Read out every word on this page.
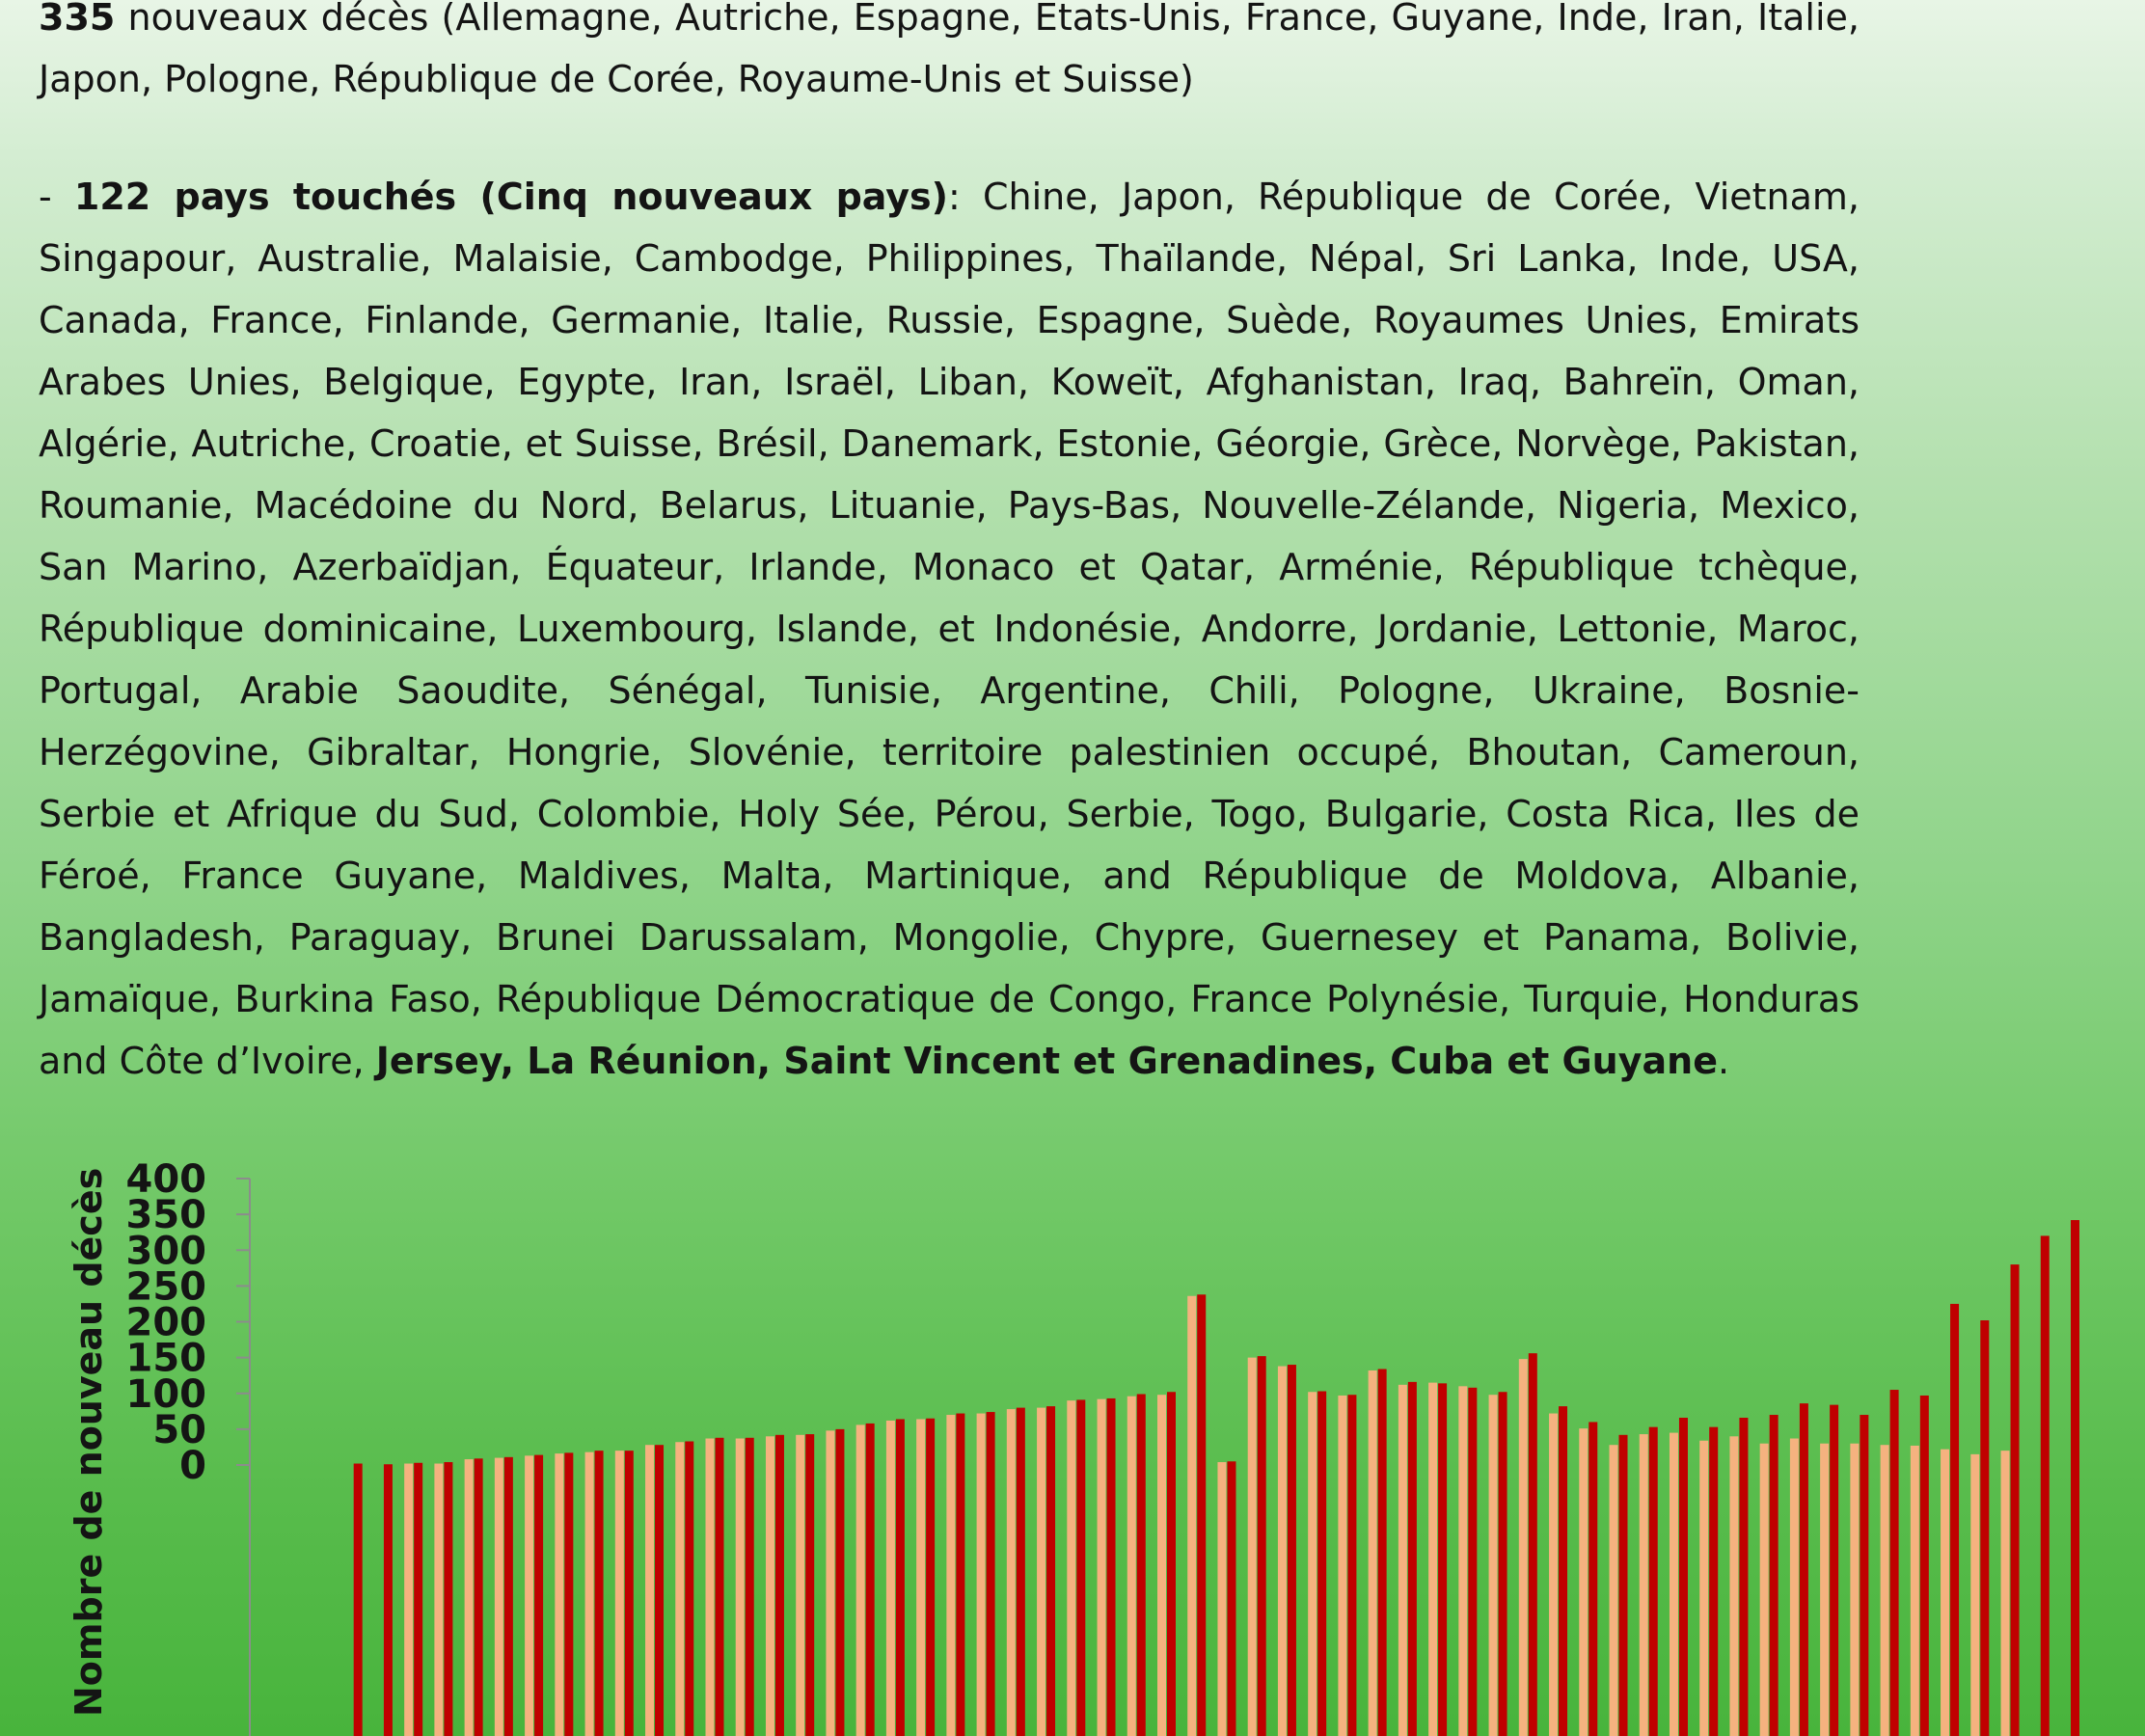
335 nouveaux décès (Allemagne, Autriche, Espagne, Etats-Unis, France, Guyane, Inde, Iran, Italie, Japon, Pologne, République de Corée, Royaume-Unis et Suisse)

- 122 pays touchés (Cinq nouveaux pays): Chine, Japon, République de Corée, Vietnam, Singapour, Australie, Malaisie, Cambodge, Philippines, Thaïlande, Népal, Sri Lanka, Inde, USA, Canada, France, Finlande, Germanie, Italie, Russie, Espagne, Suède, Royaumes Unies, Emirats Arabes Unies, Belgique, Egypte, Iran, Israël, Liban, Koweït, Afghanistan, Iraq, Bahreïn, Oman, Algérie, Autriche, Croatie, et Suisse, Brésil, Danemark, Estonie, Géorgie, Grèce, Norvège, Pakistan, Roumanie, Macédoine du Nord, Belarus, Lituanie, Pays-Bas, Nouvelle-Zélande, Nigeria, Mexico, San Marino, Azerbaïdjan, Équateur, Irlande, Monaco et Qatar, Arménie, République tchèque, République dominicaine, Luxembourg, Islande, et Indonésie, Andorre, Jordanie, Lettonie, Maroc, Portugal, Arabie Saoudite, Sénégal, Tunisie, Argentine, Chili, Pologne, Ukraine, Bosnie-Herzégovine, Gibraltar, Hongrie, Slovénie, territoire palestinien occupé, Bhoutan, Cameroun, Serbie et Afrique du Sud, Colombie, Holy Sée, Pérou, Serbie, Togo, Bulgarie, Costa Rica, Iles de Féroé, France Guyane, Maldives, Malta, Martinique, and République de Moldova, Albanie, Bangladesh, Paraguay, Brunei Darussalam, Mongolie, Chypre, Guernesey et Panama, Bolivie, Jamaïque, Burkina Faso, République Démocratique de Congo, France Polynésie, Turquie, Honduras and Côte d’Ivoire, Jersey, La Réunion, Saint Vincent et Grenadines, Cuba et Guyane.

Nombre de nouveau décès 0
50
100
150
200
250
300
350
400
